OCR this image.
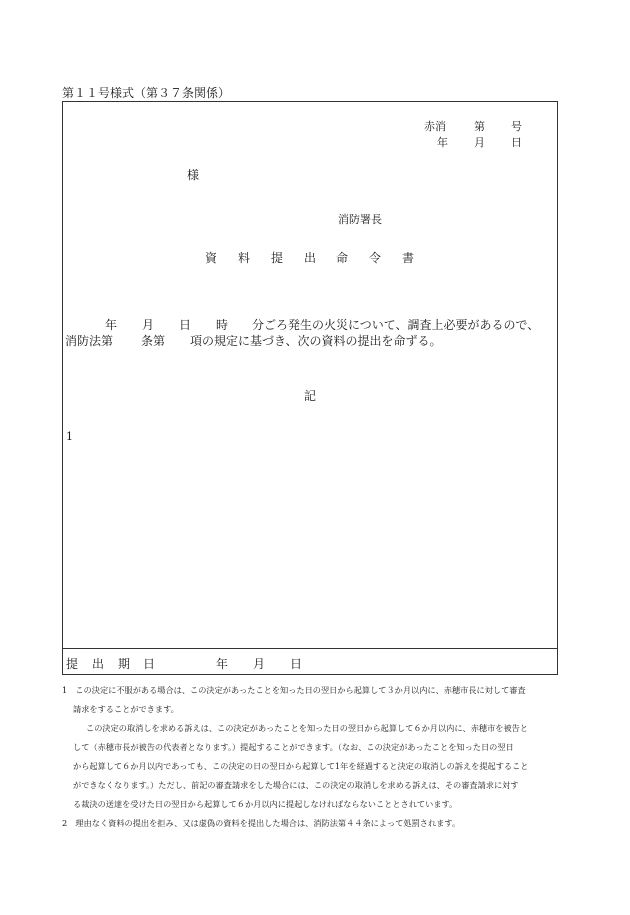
第１１号様式（第３７条関係）
赤消	第 号
年 月 日
様
消防署長
資 料 提 出 命 令 書
年 月 日 時 分ごろ発生の火災について、調査上必要があるので、
消防法第 条第 項の規定に基づき、次の資料の提出を命ずる。
記
1
提 出 期 日	年 月 日
1　この決定に不服がある場合は、この決定があったことを知った日の翌日から起算して３か月以内に、赤穂市長に対して審査
請求をすることができます。
この決定の取消しを求める訴えは、この決定があったことを知った日の翌日から起算して６か月以内に、赤穂市を被告と
して（赤穂市長が被告の代表者となります。）提起することができます。（なお、この決定があったことを知った日の翌日
から起算して６か月以内であっても、この決定の日の翌日から起算して1年を経過すると決定の取消しの訴えを提起すること
ができなくなります。）ただし、前記の審査請求をした場合には、この決定の取消しを求める訴えは、その審査請求に対す
る裁決の送達を受けた日の翌日から起算して６か月以内に提起しなければならないこととされています。
2　理由なく資料の提出を拒み、又は虚偽の資料を提出した場合は、消防法第４４条によって処罰されます。
